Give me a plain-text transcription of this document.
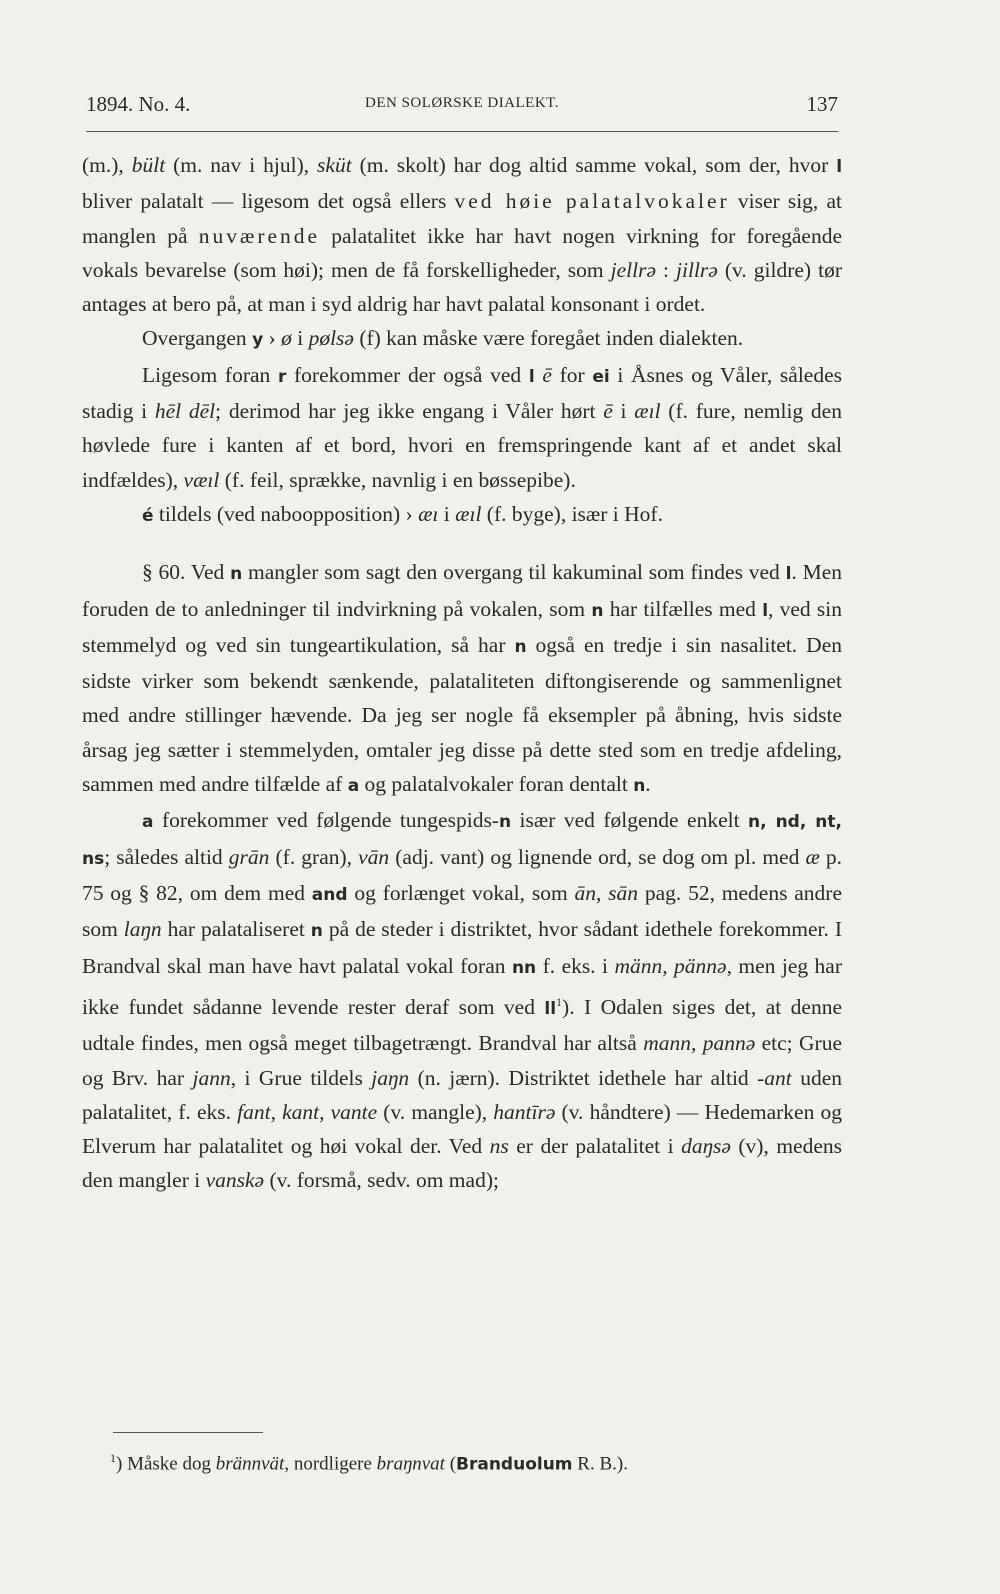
1894. No. 4.	DEN SOLØRSKE DIALEKT.	137

(m.), bült (m. nav i hjul), sküt (m. skolt) har dog altid samme vokal, som der, hvor l bliver palatalt — ligesom det også ellers ved høie palatalvokaler viser sig, at manglen på nuværende palatalitet ikke har havt nogen virkning for foregående vokals bevarelse (som høi); men de få forskelligheder, som jellrə : jillrə (v. gildre) tør antages at bero på, at man i syd aldrig har havt palatal konsonant i ordet.

Overgangen y › ø i pølsə (f) kan måske være foregået inden dialekten.

Ligesom foran r forekommer der også ved l ē for ei i Åsnes og Våler, således stadig i hēl dēl; derimod har jeg ikke engang i Våler hørt ē i æıl (f. fure, nemlig den høvlede fure i kanten af et bord, hvori en fremspringende kant af et andet skal indfældes), væıl (f. feil, sprække, navnlig i en bøssepibe).

é tildels (ved naboopposition) › æı i æıl (f. byge), især i Hof.

§ 60. Ved n mangler som sagt den overgang til kakuminal som findes ved l. Men foruden de to anledninger til indvirkning på vokalen, som n har tilfælles med l, ved sin stemmelyd og ved sin tungeartikulation, så har n også en tredje i sin nasalitet. Den sidste virker som bekendt sænkende, palataliteten diftongiserende og sammenlignet med andre stillinger hævende. Da jeg ser nogle få eksempler på åbning, hvis sidste årsag jeg sætter i stemmelyden, omtaler jeg disse på dette sted som en tredje afdeling, sammen med andre tilfælde af a og palatalvokaler foran dentalt n.

a forekommer ved følgende tungespids-n især ved følgende enkelt n, nd, nt, ns; således altid grān (f. gran), vān (adj. vant) og lignende ord, se dog om pl. med æ p. 75 og § 82, om dem med and og forlænget vokal, som ān, sān pag. 52, medens andre som laŋn har palataliseret n på de steder i distriktet, hvor sådant idethele forekommer. I Brandval skal man have havt palatal vokal foran nn f. eks. i männ, pännə, men jeg har ikke fundet sådanne levende rester deraf som ved $ll^1$). I Odalen siges det, at denne udtale findes, men også meget tilbagetrængt. Brandval har altså mann, pannə etc; Grue og Brv. har jann, i Grue tildels jaŋn (n. jærn). Distriktet idethele har altid -ant uden palatalitet, f. eks. fant, kant, vante (v. mangle), hantīrə (v. håndtere) — Hedemarken og Elverum har palatalitet og høi vokal der. Ved ns er der palatalitet i daŋsə (v), medens den mangler i vanskə (v. forsmå, sedv. om mad);

$^1$) Måske dog brännvät, nordligere braŋnvat (Branduolum R. B.).
